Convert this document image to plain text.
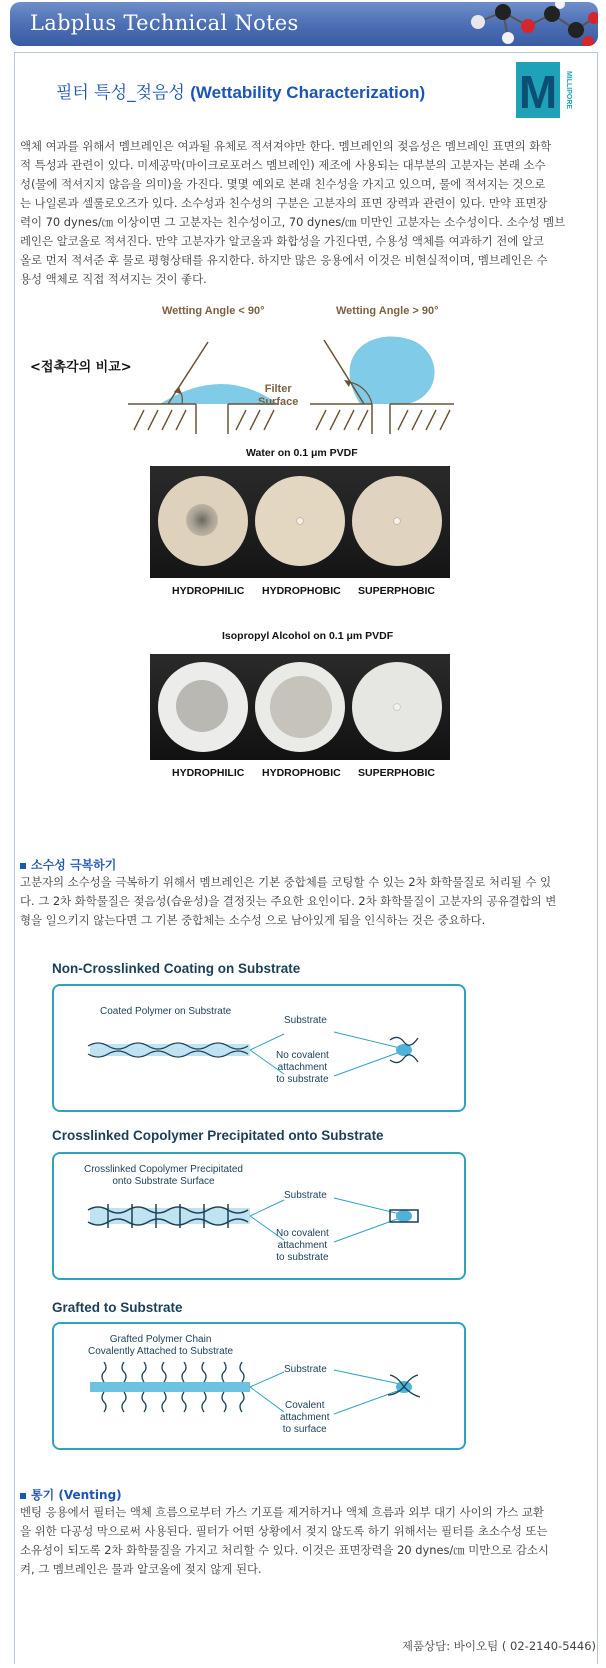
Labplus Technical Notes
필터 특성_젖음성 (Wettability Characterization) M MILLIPORE
액체 여과를 위해서 멤브레인은 여과될 유체로 적셔져야만 한다. 멤브레인의 젖음성은 멤브레인 표면의 화학
적 특성과 관련이 있다. 미세공막(마이크로포러스 멤브레인) 제조에 사용되는 대부분의 고분자는 본래 소수
성(물에 적셔지지 않음을 의미)을 가진다. 몇몇 예외로 본래 친수성을 가지고 있으며, 물에 적셔지는 것으로
는 나일론과 셀룰로오즈가 있다. 소수성과 친수성의 구분은 고분자의 표면 장력과 관련이 있다. 만약 표면장
력이 70 dynes/㎝ 이상이면 그 고분자는 친수성이고, 70 dynes/㎝ 미만인 고분자는 소수성이다. 소수성 멤브
레인은 알코올로 적셔진다. 만약 고분자가 알코올과 화합성을 가진다면, 수용성 액체를 여과하기 전에 알코
올로 먼저 적셔준 후 물로 평형상태를 유지한다. 하지만 많은 응용에서 이것은 비현실적이며, 멤브레인은 수
용성 액체로 직접 적셔지는 것이 좋다.
<접촉각의 비교>
Wetting Angle < 90°	Wetting Angle > 90°
Filter
Surface
Water on 0.1 μm PVDF
HYDROPHILIC HYDROPHOBIC SUPERPHOBIC
Isopropyl Alcohol on 0.1 μm PVDF
HYDROPHILIC HYDROPHOBIC SUPERPHOBIC
소수성 극복하기
고분자의 소수성을 극복하기 위해서 멤브레인은 기본 중합체를 코팅할 수 있는 2차 화학물질로 처리될 수 있
다. 그 2차 화학물질은 젖음성(습윤성)을 결정짓는 주요한 요인이다. 2차 화학물질이 고분자의 공유결합의 변
형을 일으키지 않는다면 그 기본 중합체는 소수성 으로 남아있게 됨을 인식하는 것은 중요하다.
Non-Crosslinked Coating on Substrate
Coated Polymer on Substrate
Substrate
No covalent
attachment
to substrate
Crosslinked Copolymer Precipitated onto Substrate
Crosslinked Copolymer Precipitated
onto Substrate Surface
Substrate
No covalent
attachment
to substrate
Grafted to Substrate
Grafted Polymer Chain
Covalently Attached to Substrate
Substrate
Covalent
attachment
to surface
통기 (Venting)
벤팅 응용에서 필터는 액체 흐름으로부터 가스 기포를 제거하거나 액체 흐름과 외부 대기 사이의 가스 교환
을 위한 다공성 막으로써 사용된다. 필터가 어떤 상황에서 젖지 않도록 하기 위해서는 필터를 초소수성 또는
소유성이 되도록 2차 화학물질을 가지고 처리할 수 있다. 이것은 표면장력을 20 dynes/㎝ 미만으로 감소시
켜, 그 멤브레인은 물과 알코올에 젖지 않게 된다.
제품상담: 바이오팀 ( 02-2140-5446)
